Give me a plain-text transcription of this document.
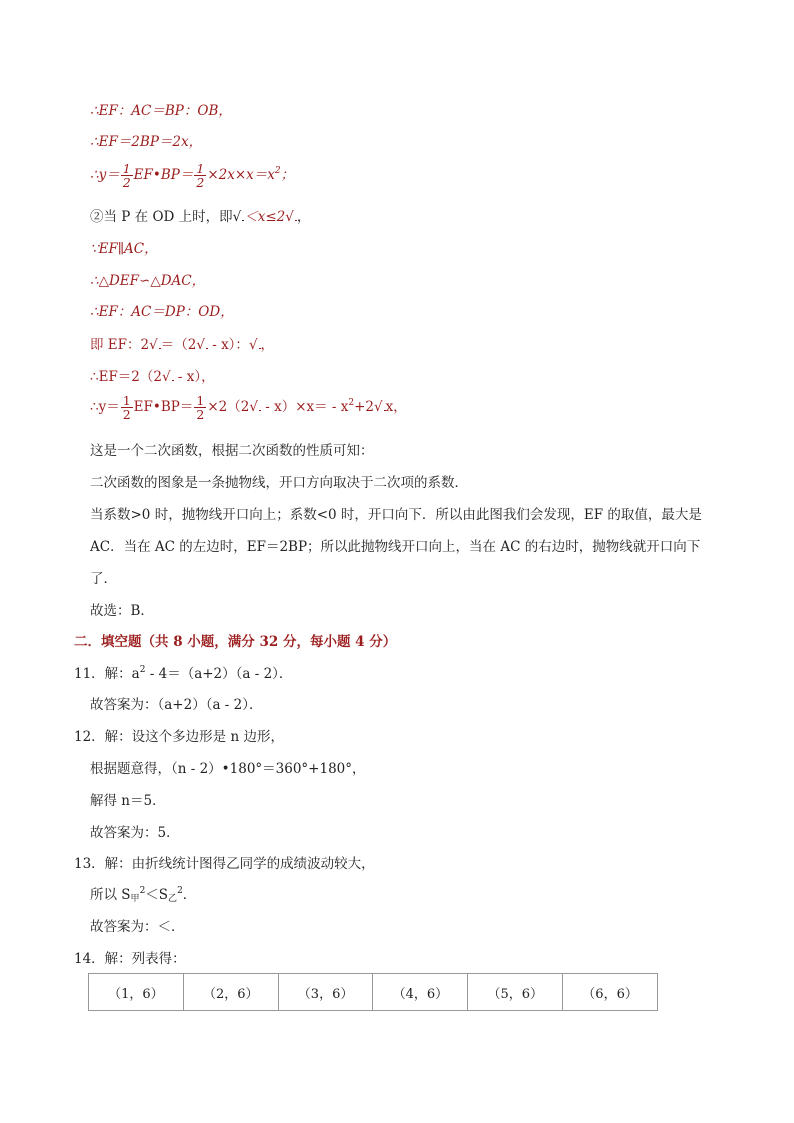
∴EF：AC＝BP：OB，
∴EF＝2BP＝2x，
∴y＝ $\frac{1}{2}$ EF•BP＝ $\frac{1}{2} \times 2x\times x=x^2$；
②当 P 在 OD 上时，即√ ＜x≤2√ ，
∵EF∥AC，
∴△DEF∽△DAC，
∴EF：AC＝DP：OD，
即 EF：2√ ＝（2√ - x）：√ ，
∴EF＝2（2√ - x），
∴y＝ $\frac{1}{2}$ EF•BP＝ $\frac{1}{2} \times 2(2√ - x)\times x= - x^2+2√$ x，
这是一个二次函数，根据二次函数的性质可知：
二次函数的图象是一条抛物线，开口方向取决于二次项的系数．
当系数>0 时，抛物线开口向上；系数<0 时，开口向下．所以由此图我们会发现，EF 的取值，最大是
AC．当在 AC 的左边时，EF＝2BP；所以此抛物线开口向上，当在 AC 的右边时，抛物线就开口向下
了．
故选：B．
二．填空题（共 8 小题，满分 32 分，每小题 4 分）
11．解：$a^2 - 4=(a+2)(a - 2)$．
故答案为：（a+2）（a - 2）．
12．解：设这个多边形是 n 边形，
根据题意得，（n - 2）•180°＝360°+180°，
解得 n＝5．
故答案为：5．
13．解：由折线统计图得乙同学的成绩波动较大，
所以 $S_甲^2<S_乙^2$．
故答案为：＜．
14．解：列表得：
（1，6）	（2，6）	（3，6）	（4，6）	（5，6）	（6，6）
